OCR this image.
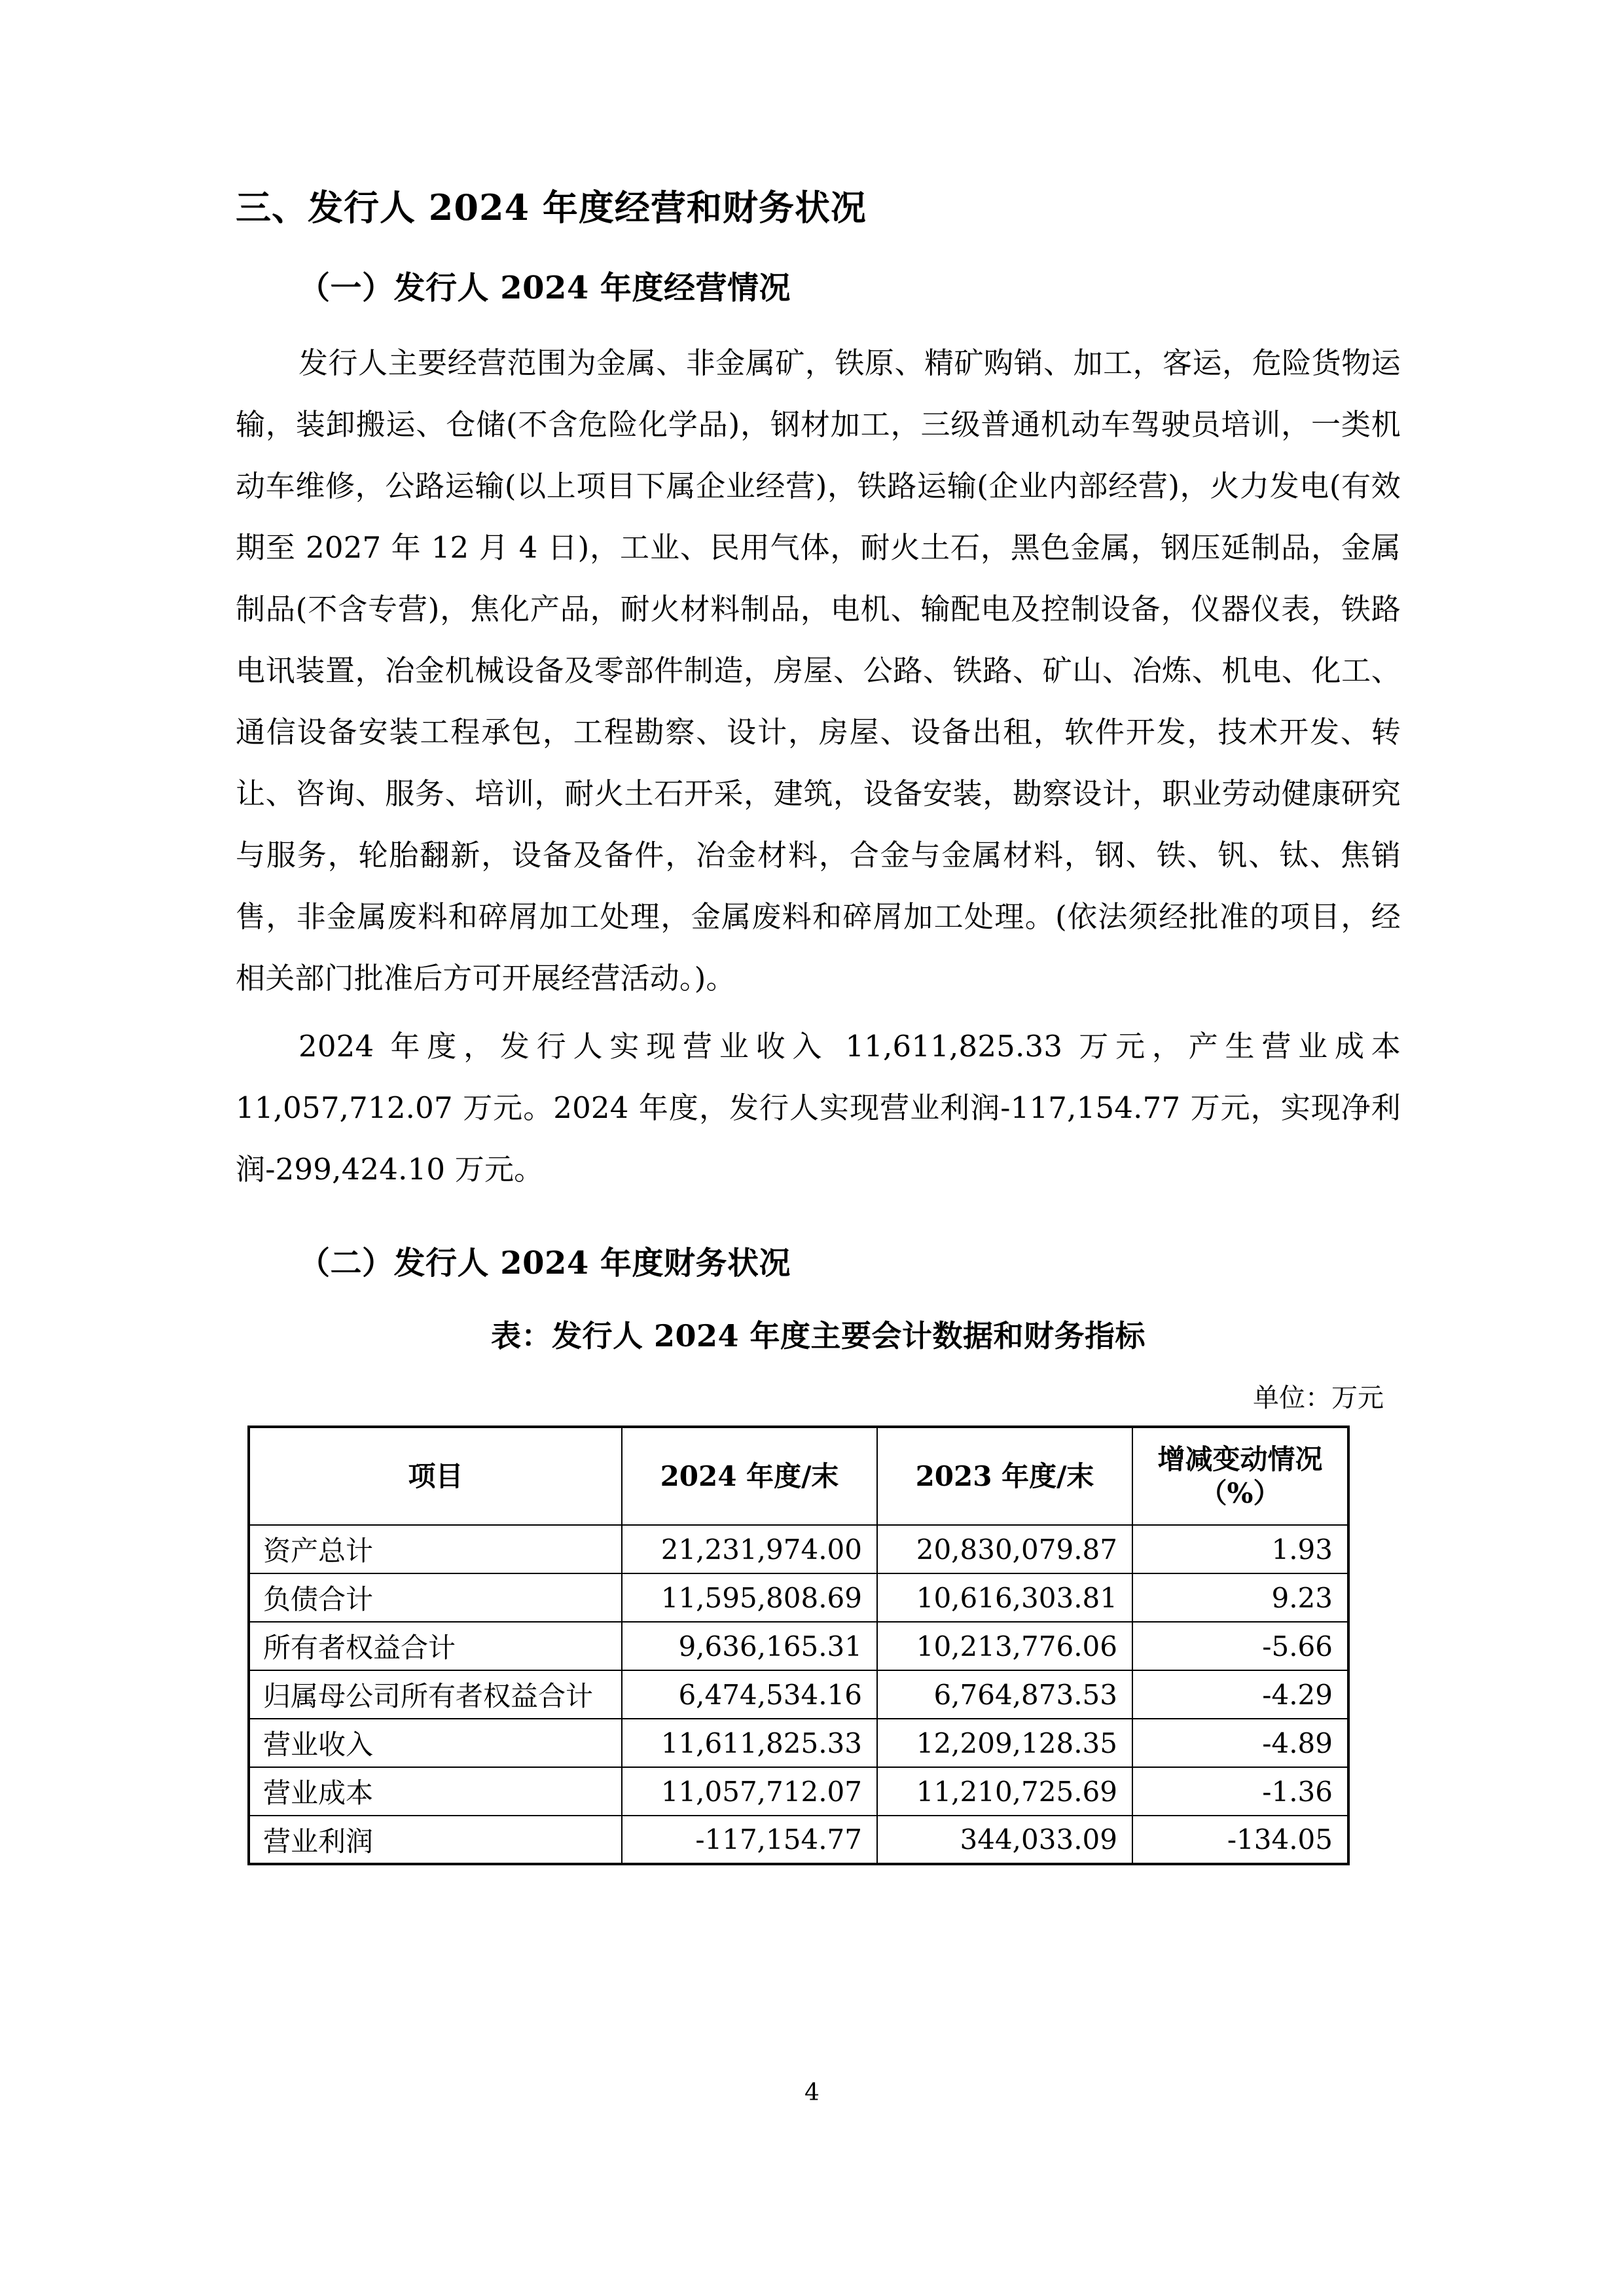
三、发行人 2024 年度经营和财务状况
（一）发行人 2024 年度经营情况

发行人主要经营范围为金属、非金属矿，铁原、精矿购销、加工，客运，危险货物运输，装卸搬运、仓储(不含危险化学品)，钢材加工，三级普通机动车驾驶员培训，一类机动车维修，公路运输(以上项目下属企业经营)，铁路运输(企业内部经营)，火力发电(有效期至 2027 年 12 月 4 日)，工业、民用气体，耐火土石，黑色金属，钢压延制品，金属制品(不含专营)，焦化产品，耐火材料制品，电机、输配电及控制设备，仪器仪表，铁路电讯装置，冶金机械设备及零部件制造，房屋、公路、铁路、矿山、冶炼、机电、化工、通信设备安装工程承包，工程勘察、设计，房屋、设备出租，软件开发，技术开发、转让、咨询、服务、培训，耐火土石开采，建筑，设备安装，勘察设计，职业劳动健康研究与服务，轮胎翻新，设备及备件，冶金材料，合金与金属材料，钢、铁、钒、钛、焦销售，非金属废料和碎屑加工处理，金属废料和碎屑加工处理。(依法须经批准的项目，经相关部门批准后方可开展经营活动。)。

2024 年度，发行人实现营业收入 11,611,825.33 万元，产生营业成本 11,057,712.07 万元。2024 年度，发行人实现营业利润-117,154.77 万元，实现净利润-299,424.10 万元。

（二）发行人 2024 年度财务状况
表：发行人 2024 年度主要会计数据和财务指标
单位：万元
项目	2024 年度/末	2023 年度/末	增减变动情况（%）
资产总计	21,231,974.00	20,830,079.87	1.93
负债合计	11,595,808.69	10,616,303.81	9.23
所有者权益合计	9,636,165.31	10,213,776.06	-5.66
归属母公司所有者权益合计	6,474,534.16	6,764,873.53	-4.29
营业收入	11,611,825.33	12,209,128.35	-4.89
营业成本	11,057,712.07	11,210,725.69	-1.36
营业利润	-117,154.77	344,033.09	-134.05
4
